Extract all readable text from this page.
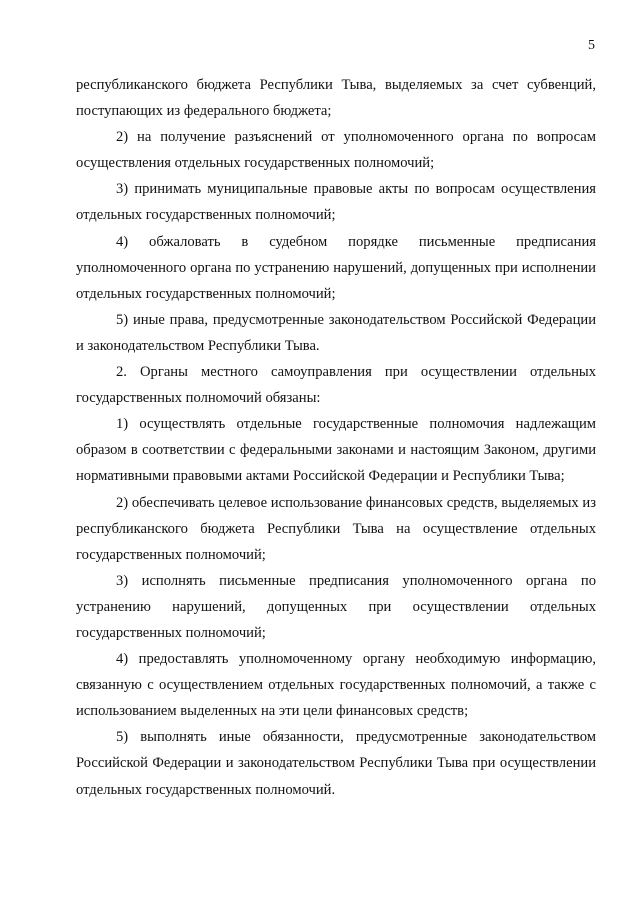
5

республиканского бюджета Республики Тыва, выделяемых за счет субвенций, поступающих из федерального бюджета;

2) на получение разъяснений от уполномоченного органа по вопросам осуществления отдельных государственных полномочий;

3) принимать муниципальные правовые акты по вопросам осуществления отдельных государственных полномочий;

4) обжаловать в судебном порядке письменные предписания уполномоченного органа по устранению нарушений, допущенных при исполнении отдельных государственных полномочий;

5) иные права, предусмотренные законодательством Российской Федерации и законодательством Республики Тыва.

2. Органы местного самоуправления при осуществлении отдельных государственных полномочий обязаны:

1) осуществлять отдельные государственные полномочия надлежащим образом в соответствии с федеральными законами и настоящим Законом, другими нормативными правовыми актами Российской Федерации и Республики Тыва;

2) обеспечивать целевое использование финансовых средств, выделяемых из республиканского бюджета Республики Тыва на осуществление отдельных государственных полномочий;

3) исполнять письменные предписания уполномоченного органа по устранению нарушений, допущенных при осуществлении отдельных государственных полномочий;

4) предоставлять уполномоченному органу необходимую информацию, связанную с осуществлением отдельных государственных полномочий, а также с использованием выделенных на эти цели финансовых средств;

5) выполнять иные обязанности, предусмотренные законодательством Российской Федерации и законодательством Республики Тыва при осуществлении отдельных государственных полномочий.
